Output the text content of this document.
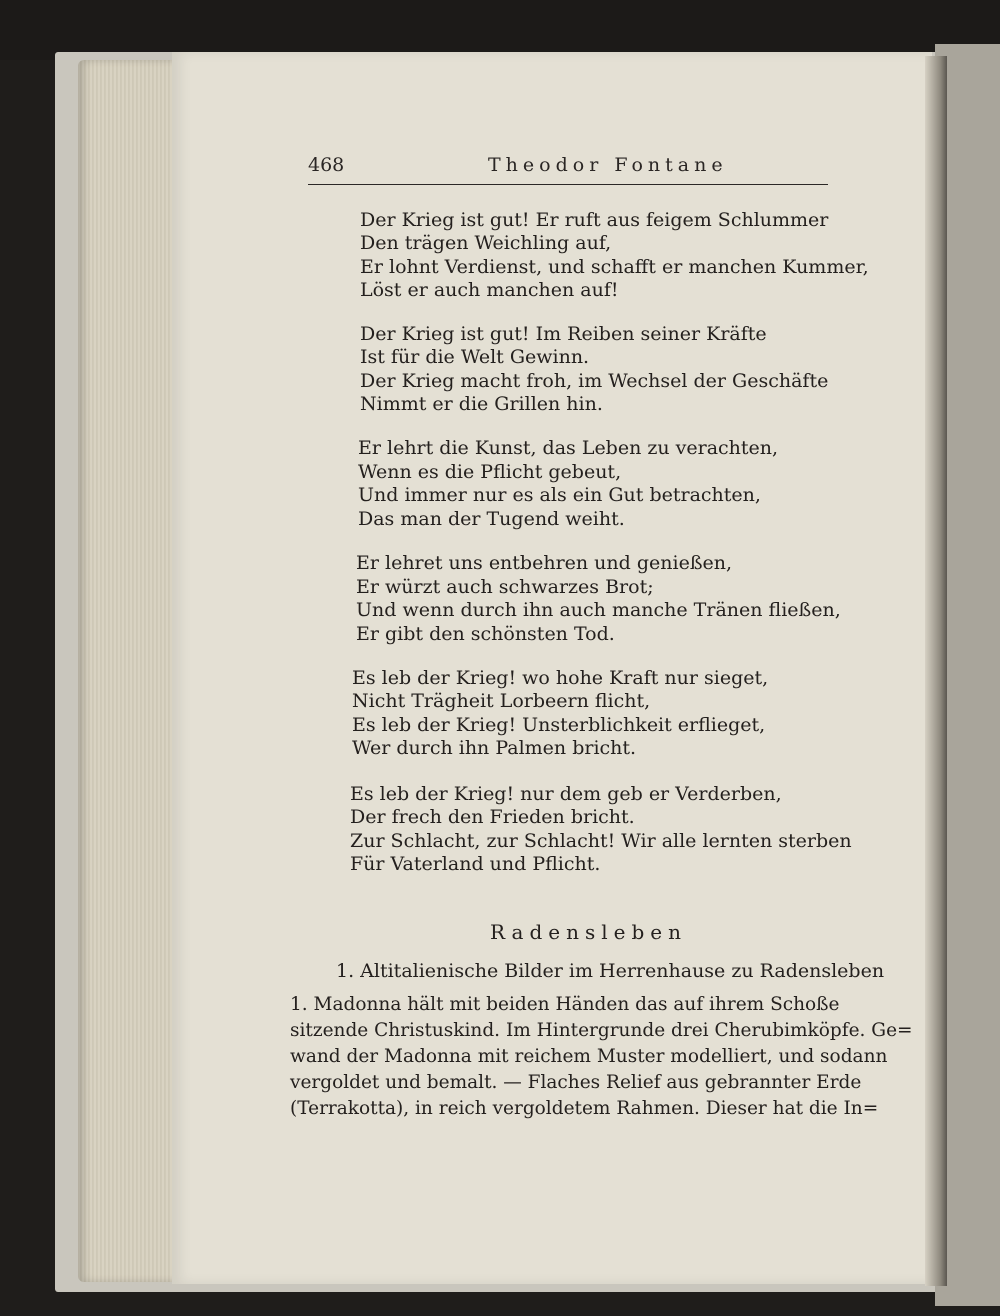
468	Theodor Fontane
Der Krieg ist gut! Er ruft aus feigem Schlummer
Den trägen Weichling auf,
Er lohnt Verdienst, und schafft er manchen Kummer,
Löst er auch manchen auf!
Der Krieg ist gut! Im Reiben seiner Kräfte
Ist für die Welt Gewinn.
Der Krieg macht froh, im Wechsel der Geschäfte
Nimmt er die Grillen hin.
Er lehrt die Kunst, das Leben zu verachten,
Wenn es die Pflicht gebeut,
Und immer nur es als ein Gut betrachten,
Das man der Tugend weiht.
Er lehret uns entbehren und genießen,
Er würzt auch schwarzes Brot;
Und wenn durch ihn auch manche Tränen fließen,
Er gibt den schönsten Tod.
Es leb der Krieg! wo hohe Kraft nur sieget,
Nicht Trägheit Lorbeern flicht,
Es leb der Krieg! Unsterblichkeit erflieget,
Wer durch ihn Palmen bricht.
Es leb der Krieg! nur dem geb er Verderben,
Der frech den Frieden bricht.
Zur Schlacht, zur Schlacht! Wir alle lernten sterben
Für Vaterland und Pflicht.
Radensleben
1. Altitalienische Bilder im Herrenhause zu Radensleben
1. Madonna hält mit beiden Händen das auf ihrem Schoße
sitzende Christuskind. Im Hintergrunde drei Cherubimköpfe. Ge=
wand der Madonna mit reichem Muster modelliert, und sodann
vergoldet und bemalt. — Flaches Relief aus gebrannter Erde
(Terrakotta), in reich vergoldetem Rahmen. Dieser hat die In=
